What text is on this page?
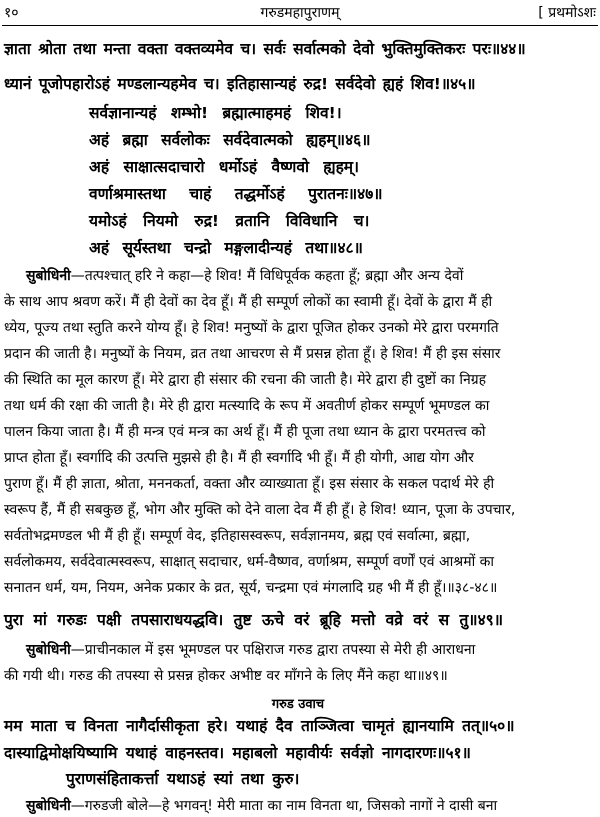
१०	गरुडमहापुराणम्	[ प्रथमोऽशः
ज्ञाता श्रोता तथा मन्ता वक्ता वक्तव्यमेव च। सर्वः सर्वात्मको देवो भुक्तिमुक्तिकरः परः॥४४॥
ध्यानं पूजोपहारोऽहं मण्डलान्यहमेव च। इतिहासान्यहं रुद्र! सर्वदेवो ह्यहं शिव!॥४५॥
सर्वज्ञानान्यहं शम्भो! ब्रह्मात्माहमहं शिव!।
अहं ब्रह्मा सर्वलोकः सर्वदेवात्मको ह्यहम्॥४६॥
अहं साक्षात्सदाचारो धर्मोऽहं वैष्णवो ह्यहम्।
वर्णाश्रमास्तथा चाहं तद्धर्मोऽहं पुरातनः॥४७॥
यमोऽहं नियमो रुद्र! व्रतानि विविधानि च।
अहं सूर्यस्तथा चन्द्रो मङ्गलादीन्यहं तथा॥४८॥
सुबोधिनी—तत्पश्चात् हरि ने कहा—हे शिव! मैं विधिपूर्वक कहता हूँ; ब्रह्मा और अन्य देवों
के साथ आप श्रवण करें। मैं ही देवों का देव हूँ। मैं ही सम्पूर्ण लोकों का स्वामी हूँ। देवों के द्वारा मैं ही
ध्येय, पूज्य तथा स्तुति करने योग्य हूँ। हे शिव! मनुष्यों के द्वारा पूजित होकर उनको मेरे द्वारा परमगति
प्रदान की जाती है। मनुष्यों के नियम, व्रत तथा आचरण से मैं प्रसन्न होता हूँ। हे शिव! मैं ही इस संसार
की स्थिति का मूल कारण हूँ। मेरे द्वारा ही संसार की रचना की जाती है। मेरे द्वारा ही दुष्टों का निग्रह
तथा धर्म की रक्षा की जाती है। मेरे ही द्वारा मत्स्यादि के रूप में अवतीर्ण होकर सम्पूर्ण भूमण्डल का
पालन किया जाता है। मैं ही मन्त्र एवं मन्त्र का अर्थ हूँ। मैं ही पूजा तथा ध्यान के द्वारा परमतत्त्व को
प्राप्त होता हूँ। स्वर्गादि की उत्पत्ति मुझसे ही है। मैं ही स्वर्गादि भी हूँ। मैं ही योगी, आद्य योग और
पुराण हूँ। मैं ही ज्ञाता, श्रोता, मननकर्ता, वक्ता और व्याख्याता हूँ। इस संसार के सकल पदार्थ मेरे ही
स्वरूप हैं, मैं ही सबकुछ हूँ, भोग और मुक्ति को देने वाला देव मैं ही हूँ। हे शिव! ध्यान, पूजा के उपचार,
सर्वतोभद्रमण्डल भी मैं ही हूँ। सम्पूर्ण वेद, इतिहासस्वरूप, सर्वज्ञानमय, ब्रह्म एवं सर्वात्मा, ब्रह्मा,
सर्वलोकमय, सर्वदेवात्मस्वरूप, साक्षात् सदाचार, धर्म-वैष्णव, वर्णाश्रम, सम्पूर्ण वर्णों एवं आश्रमों का
सनातन धर्म, यम, नियम, अनेक प्रकार के व्रत, सूर्य, चन्द्रमा एवं मंगलादि ग्रह भी मैं ही हूँ।॥३८-४८॥
पुरा मां गरुडः पक्षी तपसाराधयद्धवि। तुष्ट ऊचे वरं ब्रूहि मत्तो वव्रे वरं स तु॥४९॥
सुबोधिनी—प्राचीनकाल में इस भूमण्डल पर पक्षिराज गरुड द्वारा तपस्या से मेरी ही आराधना
की गयी थी। गरुड की तपस्या से प्रसन्न होकर अभीष्ट वर माँगने के लिए मैंने कहा था॥४९॥
गरुड उवाच
मम माता च विनता नागैर्दासीकृता हरे। यथाहं दैव ताञ्जित्वा चामृतं ह्यानयामि तत्॥५०॥
दास्याद्विमोक्षयिष्यामि यथाहं वाहनस्तव। महाबलो महावीर्यः सर्वज्ञो नागदारणः॥५१॥
पुराणसंहिताकर्त्ता यथाऽहं स्यां तथा कुरु।
सुबोधिनी—गरुडजी बोले—हे भगवन्! मेरी माता का नाम विनता था, जिसको नागों ने दासी बना
